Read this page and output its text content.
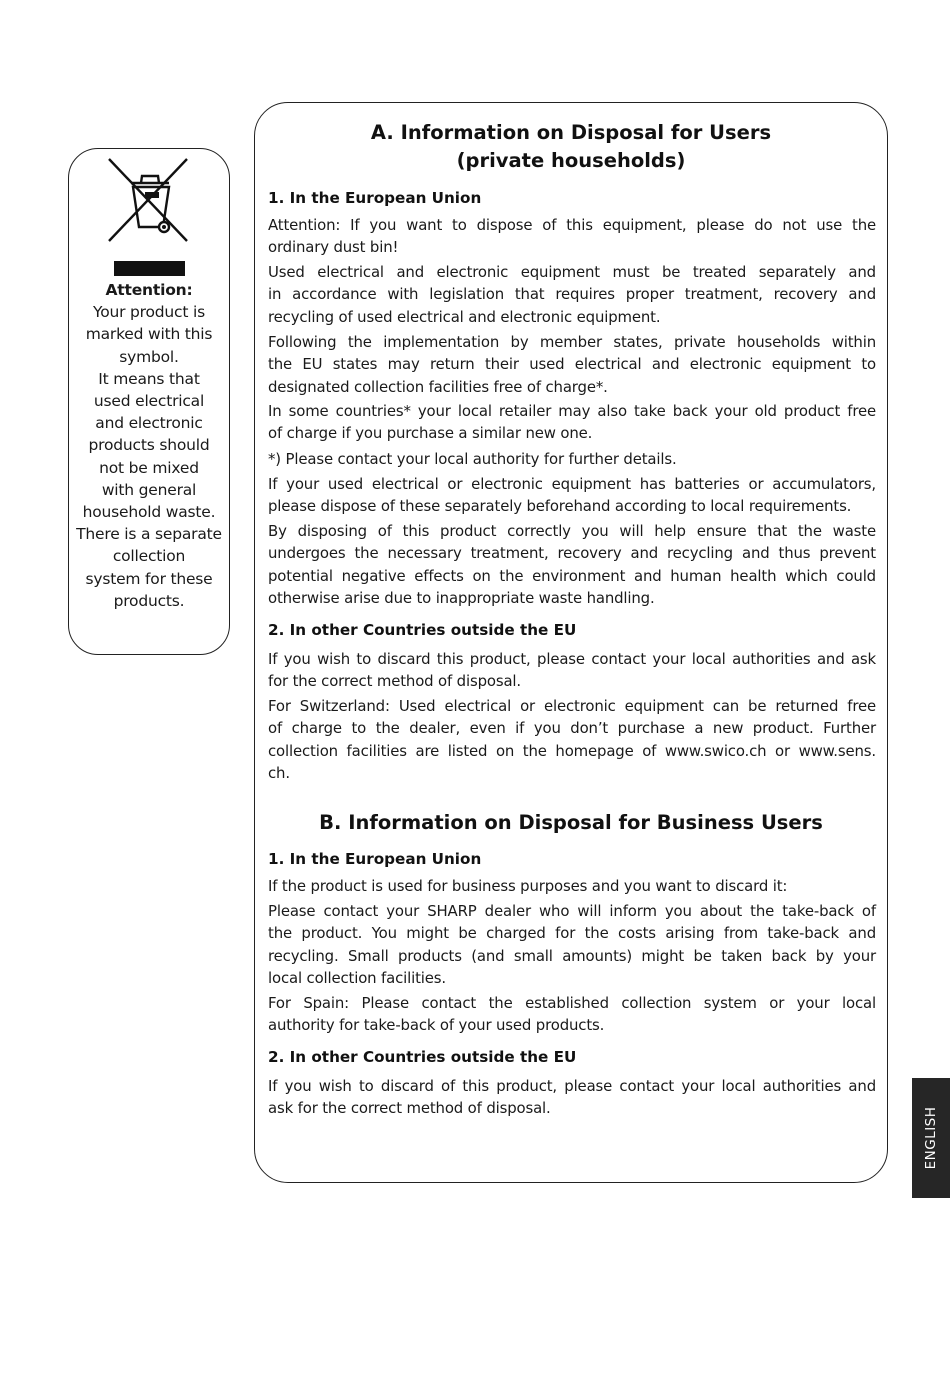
Attention:
Your product is
marked with this
symbol.
It means that
used electrical
and electronic
products should
not be mixed
with general
household waste.
There is a separate
collection
system for these
products.
A. Information on Disposal for Users
(private households)
1. In the European Union
Attention: If you want to dispose of this equipment, please do not use the
ordinary dust bin!
Used electrical and electronic equipment must be treated separately and
in accordance with legislation that requires proper treatment, recovery and
recycling of used electrical and electronic equipment.
Following the implementation by member states, private households within
the EU states may return their used electrical and electronic equipment to
designated collection facilities free of charge*.
In some countries* your local retailer may also take back your old product free
of charge if you purchase a similar new one.
*) Please contact your local authority for further details.
If your used electrical or electronic equipment has batteries or accumulators,
please dispose of these separately beforehand according to local requirements.
By disposing of this product correctly you will help ensure that the waste
undergoes the necessary treatment, recovery and recycling and thus prevent
potential negative effects on the environment and human health which could
otherwise arise due to inappropriate waste handling.
2. In other Countries outside the EU
If you wish to discard this product, please contact your local authorities and ask
for the correct method of disposal.
For Switzerland: Used electrical or electronic equipment can be returned free
of charge to the dealer, even if you don’t purchase a new product. Further
collection facilities are listed on the homepage of www.swico.ch or www.sens.
ch.
B. Information on Disposal for Business Users
1. In the European Union
If the product is used for business purposes and you want to discard it:
Please contact your SHARP dealer who will inform you about the take-back of
the product. You might be charged for the costs arising from take-back and
recycling. Small products (and small amounts) might be taken back by your
local collection facilities.
For Spain: Please contact the established collection system or your local
authority for take-back of your used products.
2. In other Countries outside the EU
If you wish to discard of this product, please contact your local authorities and
ask for the correct method of disposal.	ENGLISH
